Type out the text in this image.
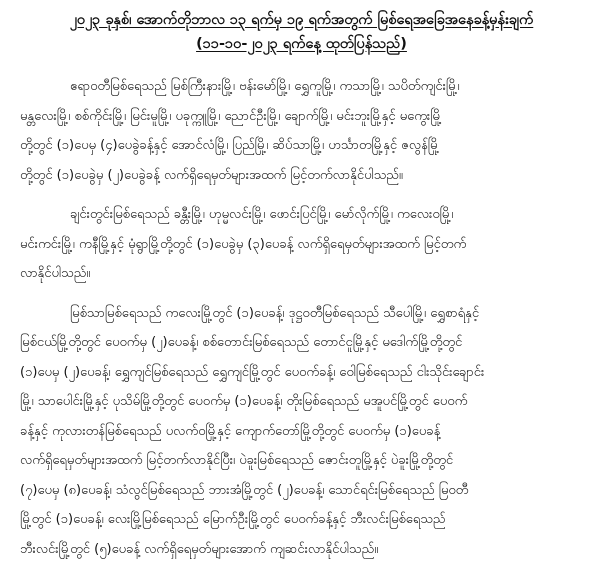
၂၀၂၃ ခုနှစ်၊ အောက်တိုဘာလ ၁၃ ရက်မှ ၁၉ ရက်အတွက် မြစ်ရေအခြေအနေခန့်မှန်းချက်
(၁၁-၁၀-၂၀၂၃ ရက်နေ့ ထုတ်ပြန်သည်)
ဧရာဝတီမြစ်ရေသည် မြစ်ကြီးနားမြို့၊ ဗန်းမော်မြို့၊ ရွှေကူမြို့၊ ကသာမြို့၊ သပိတ်ကျင်းမြို့၊
မန္တလေးမြို့၊ စစ်ကိုင်းမြို့၊ မြင်းမူမြို့၊ ပခုက္ကူမြို့၊ ညောင်ဦးမြို့၊ ချောက်မြို့၊ မင်းဘူးမြို့နှင့် မကွေးမြို့
တို့တွင် (၁)ပေမှ (၄)ပေခွဲခန့်နှင့် အောင်လံမြို့၊ ပြည်မြို့၊ ဆိပ်သာမြို့၊ ဟင်္သာတမြို့နှင့် ဇလွန်မြို့
တို့တွင် (၁)ပေခွဲမှ (၂)ပေခွဲခန့် လက်ရှိရေမှတ်များအထက် မြင့်တက်လာနိုင်ပါသည်။
ချင်းတွင်းမြစ်ရေသည် ခန္တီးမြို့၊ ဟုမ္မလင်းမြို့၊ ဖောင်းပြင်မြို့၊ မော်လိုက်မြို့၊ ကလေးဝမြို့၊
မင်းကင်းမြို့၊ ကနီမြို့နှင့် မုံရွာမြို့တို့တွင် (၁)ပေခွဲမှ (၃)ပေခန့် လက်ရှိရေမှတ်များအထက် မြင့်တက်
လာနိုင်ပါသည်။
မြစ်သာမြစ်ရေသည် ကလေးမြို့တွင် (၁)ပေခန့်၊ ဒုဋ္ဌဝတီမြစ်ရေသည် သီပေါမြို့၊ ရွှေစာရံနှင့်
မြစ်ငယ်မြို့တို့တွင် ပေဝက်မှ (၂)ပေခန့်၊ စစ်တောင်းမြစ်ရေသည် တောင်ငူမြို့နှင့် မဒေါက်မြို့တို့တွင်
(၁)ပေမှ (၂)ပေခန့်၊ ရွှေကျင်မြစ်ရေသည် ရွှေကျင်မြို့တွင် ပေဝက်ခန့်၊ ဝေါမြစ်ရေသည် ငါးသိုင်းချောင်း
မြို့၊ သာပေါင်းမြို့နှင့် ပုသိမ်မြို့တို့တွင် ပေဝက်မှ (၁)ပေခန့်၊ တိုးမြစ်ရေသည် မအူပင်မြို့တွင် ပေဝက်
ခန့်နှင့် ကုလားတန်မြစ်ရေသည် ပလက်ဝမြို့နှင့် ကျောက်တော်မြို့တို့တွင် ပေဝက်မှ (၁)ပေခန့်
လက်ရှိရေမှတ်များအထက် မြင့်တက်လာနိုင်ပြီး၊ ပဲခူးမြစ်ရေသည် ဇောင်းတူမြို့နှင့် ပဲခူးမြို့တို့တွင်
(၇)ပေမှ (၈)ပေခန့်၊ သံလွင်မြစ်ရေသည် ဘားအံမြို့တွင် (၂)ပေခန့်၊ သောင်ရင်းမြစ်ရေသည် မြဝတီ
မြို့တွင် (၁)ပေခန့်၊ လေးမြို့မြစ်ရေသည် မြောက်ဦးမြို့တွင် ပေဝက်ခန့်နှင့် ဘီးလင်းမြစ်ရေသည်
ဘီးလင်းမြို့တွင် (၅)ပေခန့် လက်ရှိရေမှတ်များအောက် ကျဆင်းလာနိုင်ပါသည်။
